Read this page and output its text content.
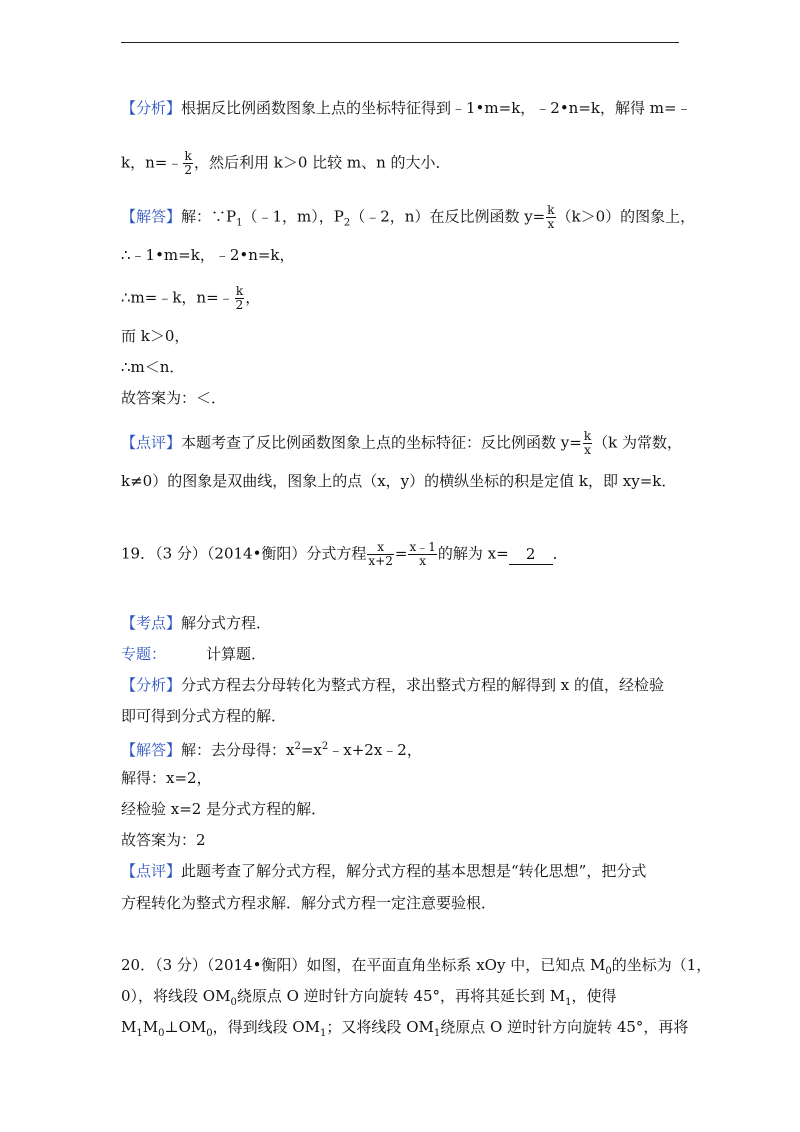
【分析】根据反比例函数图象上点的坐标特征得到﹣1•m=k，﹣2•n=k，解得 m=﹣
k，n=﹣ $\frac{k}{2}$ ，然后利用 k＞0 比较 m、n 的大小．
【解答】解：$\because P_1(﹣1$，m），$P_2(﹣2$，n）在反比例函数 $y= \frac{k}{x} (k>0)$的图象上，
∴﹣1•m=k，﹣2•n=k，
∴m=﹣k，n=﹣ $\frac{k}{2}$ ，
而 k＞0，
∴m＜n．
故答案为：＜．
【点评】本题考查了反比例函数图象上点的坐标特征：反比例函数 $y= \frac{k}{x} (k$ 为常数，
k≠0）的图象是双曲线，图象上的点（x，y）的横纵坐标的积是定值 k，即 xy=k．
19．（3 分）（2014•衡阳）分式方程 $\frac{x}{x+2} = \frac{x﹣1}{x}$ 的解为 x= 2 ．
【考点】解分式方程．
专题：	计算题．
【分析】分式方程去分母转化为整式方程，求出整式方程的解得到 x 的值，经检验
即可得到分式方程的解．
【解答】解：去分母得：$x^2=x^2﹣x+2x﹣2$，
解得：x=2，
经检验 x=2 是分式方程的解．
故答案为：2
【点评】此题考查了解分式方程，解分式方程的基本思想是“转化思想”，把分式
方程转化为整式方程求解．解分式方程一定注意要验根．
20．（3 分）（2014•衡阳）如图，在平面直角坐标系 xOy 中，已知点 $M_0$的坐标为（1，
0），将线段 $OM_0$绕原点 O 逆时针方向旋转 45°，再将其延长到 $M_1$，使得
$M_1M_0\perp OM_0$，得到线段 $OM_1$；又将线段 $OM_1$绕原点 O 逆时针方向旋转 45°，再将
